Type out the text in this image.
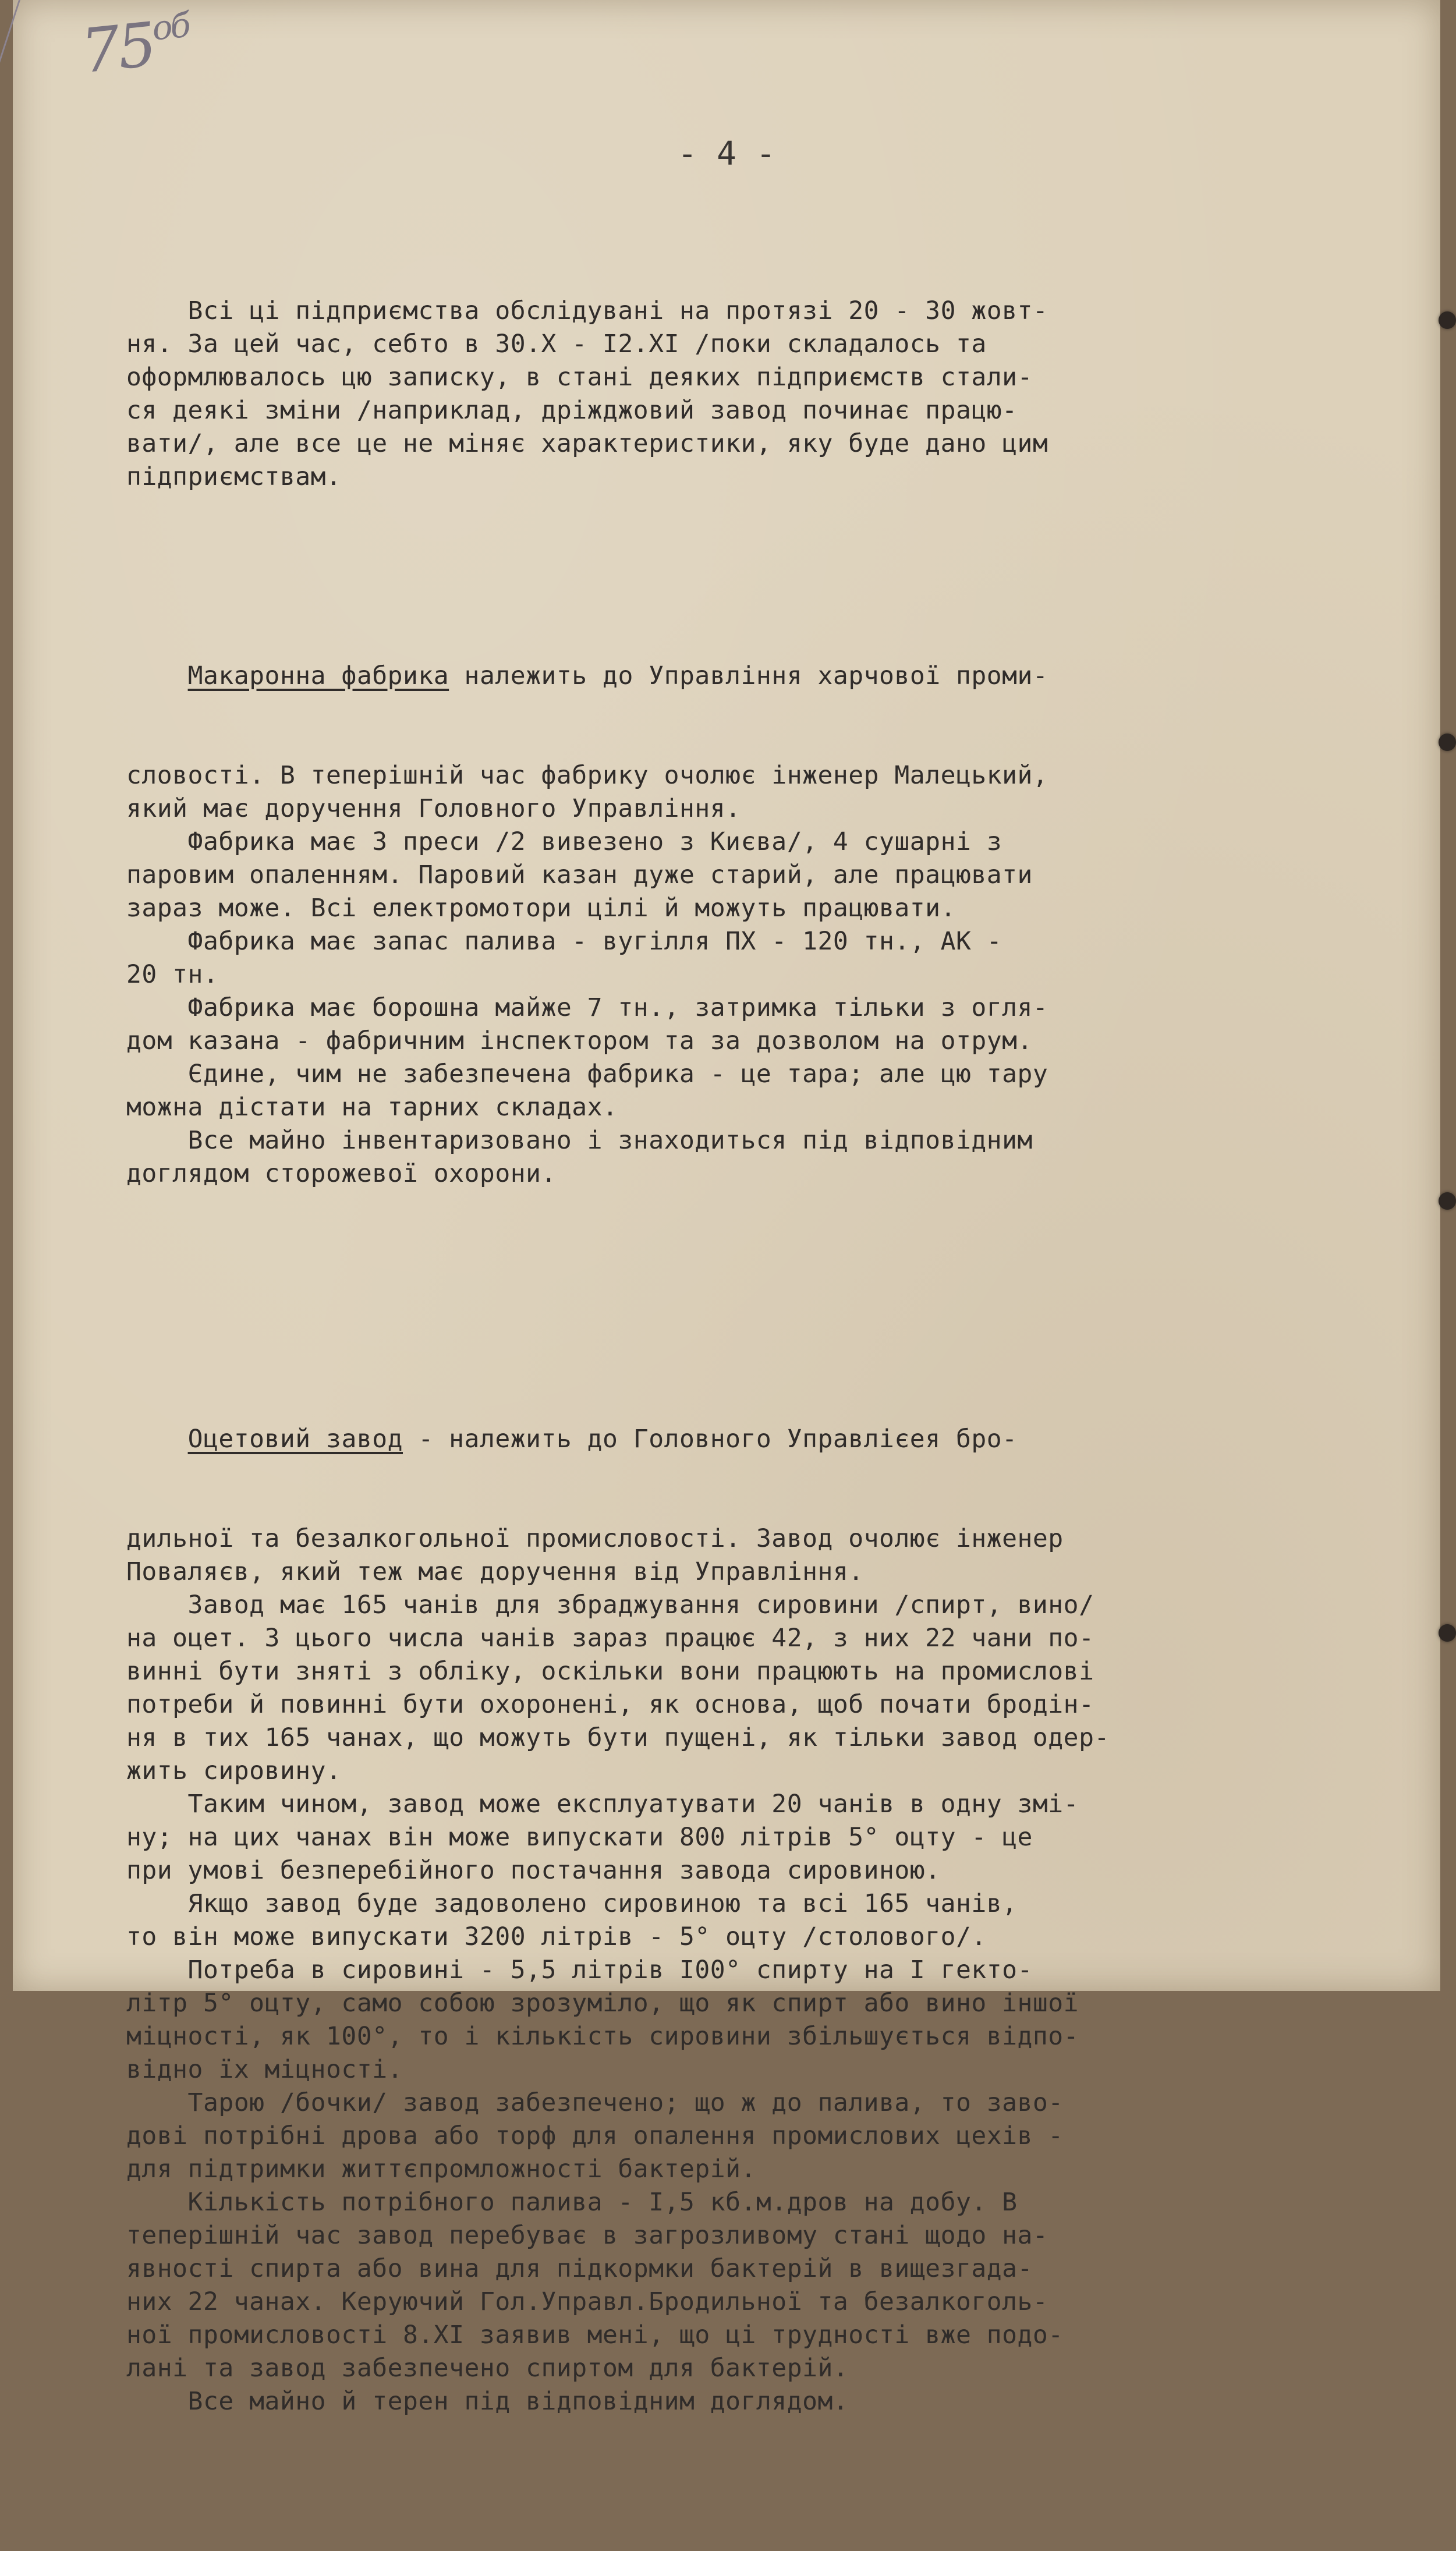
$75^{об}$
- 4 -

Всі ці підприємства обслідувані на протязі 20 - 30 жовт-
ня. За цей час, себто в 30.X - I2.XI /поки складалось та
оформлювалось цю записку, в стані деяких підприємств стали-
ся деякі зміни /наприклад, дріжджовий завод починає працю-
вати/, але все це не міняє характеристики, яку буде дано цим
підприємствам.

Макаронна фабрика належить до Управління харчової проми-

словості. В теперішній час фабрику очолює інженер Малецький,
який має доручення Головного Управління.
Фабрика має 3 преси /2 вивезено з Києва/, 4 сушарні з
паровим опаленням. Паровий казан дуже старий, але працювати
зараз може. Всі електромотори цілі й можуть працювати.
Фабрика має запас палива - вугілля ПХ - 120 тн., АК -
20 тн.
Фабрика має борошна майже 7 тн., затримка тільки з огля-
дом казана - фабричним інспектором та за дозволом на отрум.
Єдине, чим не забезпечена фабрика - це тара; але цю тару
можна дістати на тарних складах.
Все майно інвентаризовано і знаходиться під відповідним
доглядом сторожевої охорони.

Оцетовий завод - належить до Головного Управлієея бро-

дильної та безалкогольної промисловості. Завод очолює інженер
Поваляєв, який теж має доручення від Управління.
Завод має 165 чанів для збраджування сировини /спирт, вино/
на оцет. З цього числа чанів зараз працює 42, з них 22 чани по-
винні бути зняті з обліку, оскільки вони працюють на промислові
потреби й повинні бути охоронені, як основа, щоб почати бродін-
ня в тих 165 чанах, що можуть бути пущені, як тільки завод одер-
жить сировину.
Таким чином, завод може експлуатувати 20 чанів в одну змі-
ну; на цих чанах він може випускати 800 літрів 5° оцту - це
при умові безперебійного постачання завода сировиною.
Якщо завод буде задоволено сировиною та всі 165 чанів,
то він може випускати 3200 літрів - 5° оцту /столового/.
Потреба в сировині - 5,5 літрів I00° спирту на I гекто-
літр 5° оцту, само собою зрозуміло, що як спирт або вино іншої
міцності, як 100°, то і кількість сировини збільшується відпо-
відно їх міцності.
Тарою /бочки/ завод забезпечено; що ж до палива, то заво-
дові потрібні дрова або торф для опалення промислових цехів -
для підтримки життєпромложності бактерій.
Кількість потрібного палива - I,5 кб.м.дров на добу. В
теперішній час завод перебуває в загрозливому стані щодо на-
явності спирта або вина для підкормки бактерій в вищезгада-
них 22 чанах. Керуючий Гол.Управл.Бродильної та безалкоголь-
ної промисловості 8.XI заявив мені, що ці трудності вже подо-
лані та завод забезпечено спиртом для бактерій.
Все майно й терен під відповідним доглядом.
